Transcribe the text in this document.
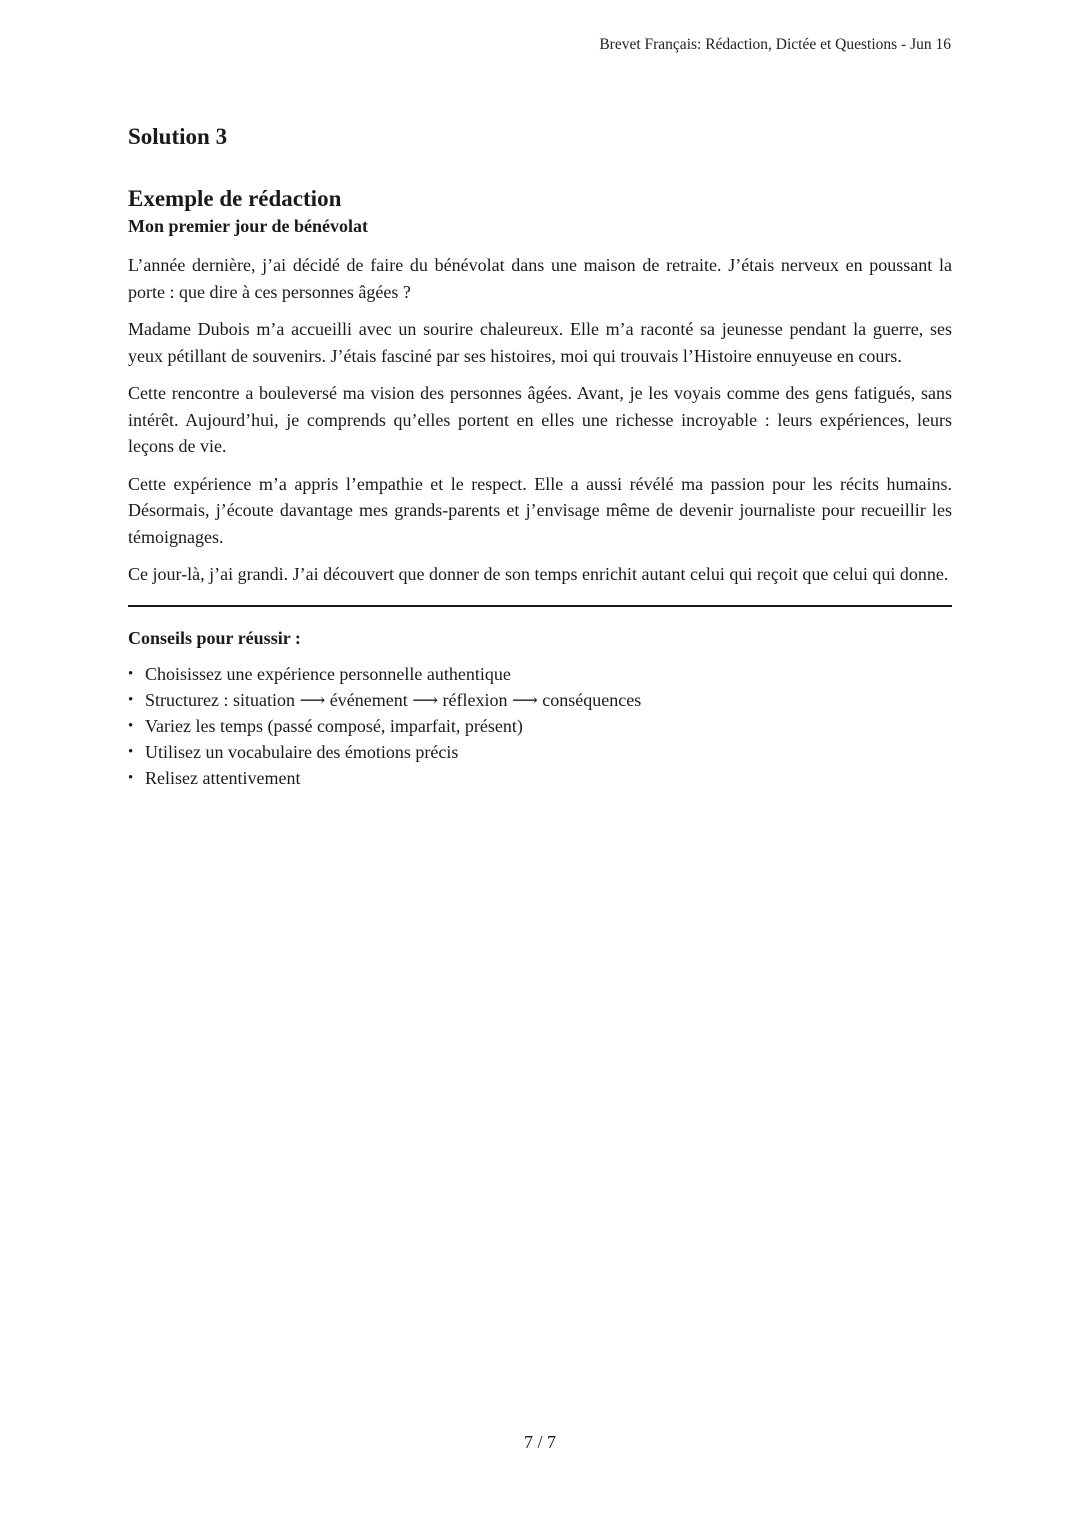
Brevet Français: Rédaction, Dictée et Questions - Jun 16
Solution 3
Exemple de rédaction
Mon premier jour de bénévolat

L’année dernière, j’ai décidé de faire du bénévolat dans une maison de retraite. J’étais nerveux en poussant la porte : que dire à ces personnes âgées ?

Madame Dubois m’a accueilli avec un sourire chaleureux. Elle m’a raconté sa jeunesse pendant la guerre, ses yeux pétillant de souvenirs. J’étais fasciné par ses histoires, moi qui trouvais l’Histoire ennuyeuse en cours.

Cette rencontre a bouleversé ma vision des personnes âgées. Avant, je les voyais comme des gens fatigués, sans intérêt. Aujourd’hui, je comprends qu’elles portent en elles une richesse incroyable : leurs expériences, leurs leçons de vie.

Cette expérience m’a appris l’empathie et le respect. Elle a aussi révélé ma passion pour les récits humains. Désormais, j’écoute davantage mes grands-parents et j’envisage même de devenir journaliste pour recueillir les témoignages.

Ce jour-là, j’ai grandi. J’ai découvert que donner de son temps enrichit autant celui qui reçoit que celui qui donne.

Conseils pour réussir :
• Choisissez une expérience personnelle authentique
• Structurez : situation ⟶ événement ⟶ réflexion ⟶ conséquences
• Variez les temps (passé composé, imparfait, présent)
• Utilisez un vocabulaire des émotions précis
• Relisez attentivement
7 / 7
